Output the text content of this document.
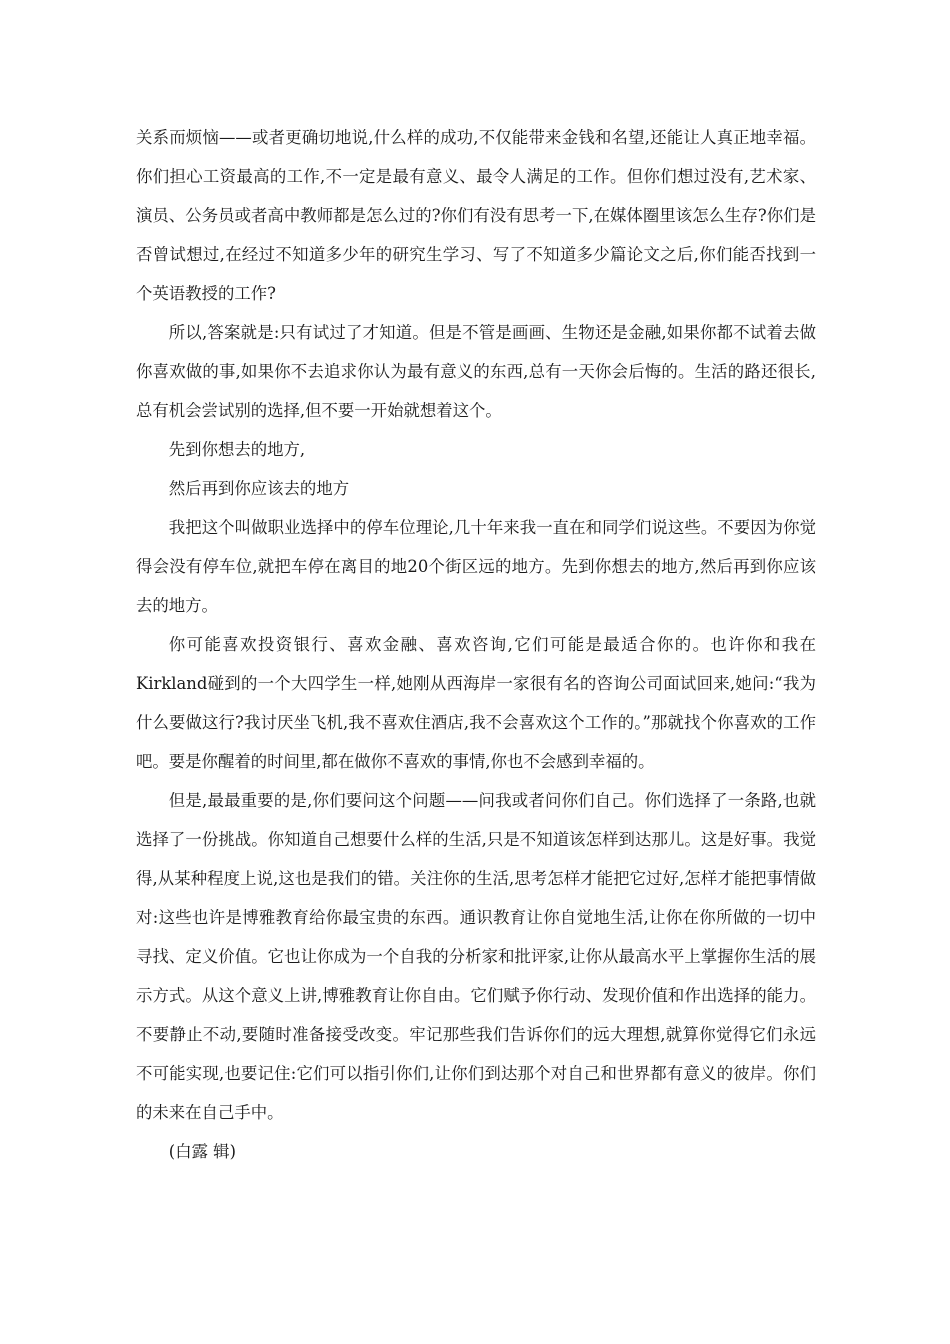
关系而烦恼——或者更确切地说,什么样的成功,不仅能带来金钱和名望,还能让人真正地幸福。你们担心工资最高的工作,不一定是最有意义、最令人满足的工作。但你们想过没有,艺术家、演员、公务员或者高中教师都是怎么过的?你们有没有思考一下,在媒体圈里该怎么生存?你们是否曾试想过,在经过不知道多少年的研究生学习、写了不知道多少篇论文之后,你们能否找到一个英语教授的工作?

所以,答案就是:只有试过了才知道。但是不管是画画、生物还是金融,如果你都不试着去做你喜欢做的事,如果你不去追求你认为最有意义的东西,总有一天你会后悔的。生活的路还很长,总有机会尝试别的选择,但不要一开始就想着这个。

先到你想去的地方,

然后再到你应该去的地方

我把这个叫做职业选择中的停车位理论,几十年来我一直在和同学们说这些。不要因为你觉得会没有停车位,就把车停在离目的地20个街区远的地方。先到你想去的地方,然后再到你应该去的地方。

你可能喜欢投资银行、喜欢金融、喜欢咨询,它们可能是最适合你的。也许你和我在Kirkland碰到的一个大四学生一样,她刚从西海岸一家很有名的咨询公司面试回来,她问:“我为什么要做这行?我讨厌坐飞机,我不喜欢住酒店,我不会喜欢这个工作的。”那就找个你喜欢的工作吧。要是你醒着的时间里,都在做你不喜欢的事情,你也不会感到幸福的。

但是,最最重要的是,你们要问这个问题——问我或者问你们自己。你们选择了一条路,也就选择了一份挑战。你知道自己想要什么样的生活,只是不知道该怎样到达那儿。这是好事。我觉得,从某种程度上说,这也是我们的错。关注你的生活,思考怎样才能把它过好,怎样才能把事情做对:这些也许是博雅教育给你最宝贵的东西。通识教育让你自觉地生活,让你在你所做的一切中寻找、定义价值。它也让你成为一个自我的分析家和批评家,让你从最高水平上掌握你生活的展示方式。从这个意义上讲,博雅教育让你自由。它们赋予你行动、发现价值和作出选择的能力。不要静止不动,要随时准备接受改变。牢记那些我们告诉你们的远大理想,就算你觉得它们永远不可能实现,也要记住:它们可以指引你们,让你们到达那个对自己和世界都有意义的彼岸。你们的未来在自己手中。

(白露 辑)
